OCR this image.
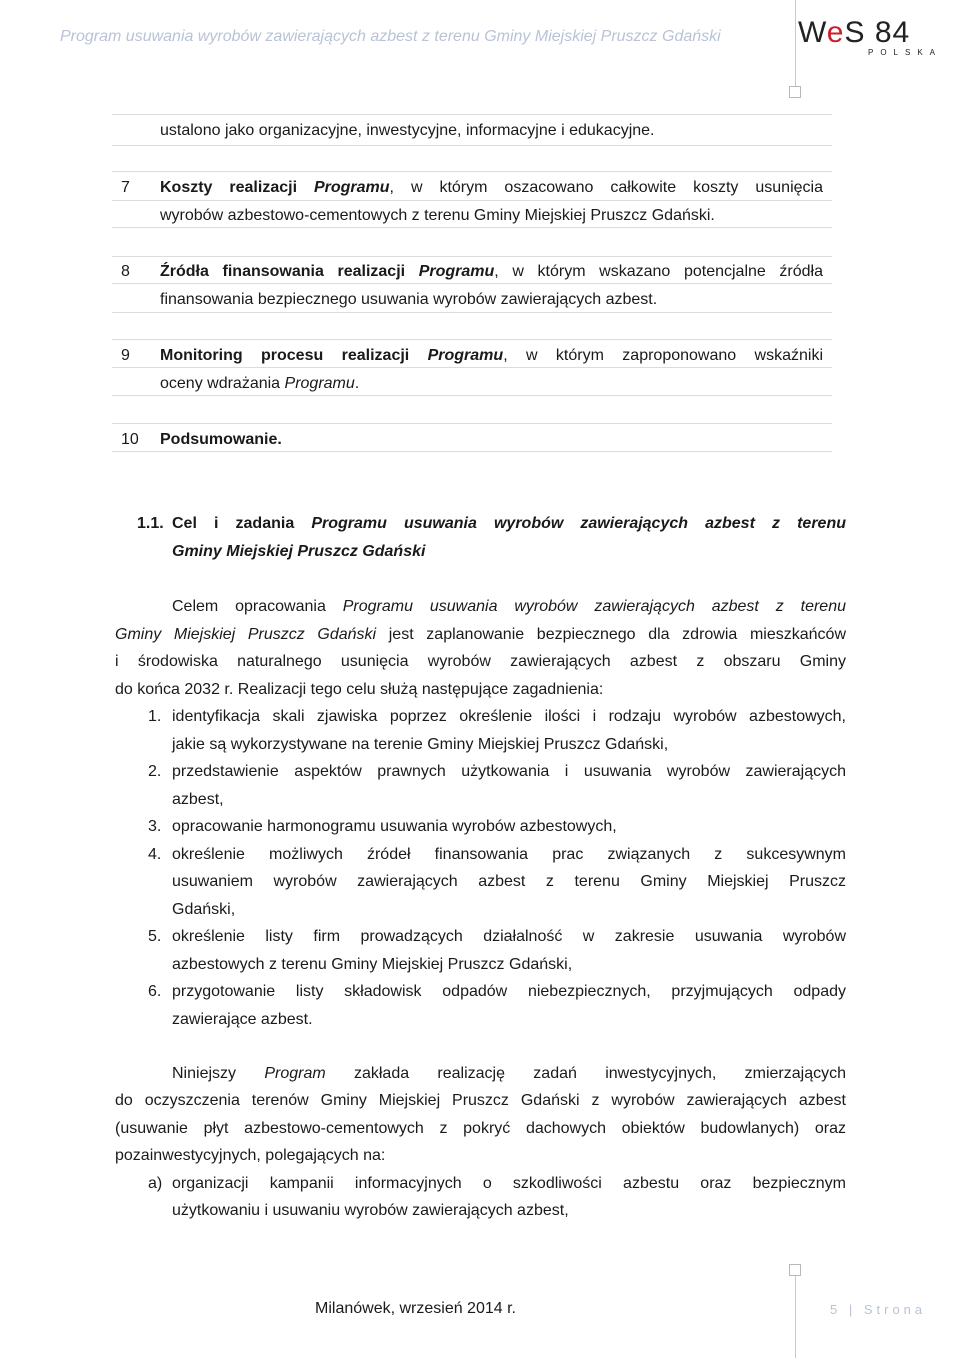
Program usuwania wyrobów zawierających azbest z terenu Gminy Miejskiej Pruszcz Gdański	WeS 84
POLSKA
ustalono jako organizacyjne, inwestycyjne, informacyjne i edukacyjne.
7 Koszty realizacji Programu, w którym oszacowano całkowite koszty usunięcia
wyrobów azbestowo-cementowych z terenu Gminy Miejskiej Pruszcz Gdański.
8 Źródła finansowania realizacji Programu, w którym wskazano potencjalne źródła
finansowania bezpiecznego usuwania wyrobów zawierających azbest.
9 Monitoring procesu realizacji Programu, w którym zaproponowano wskaźniki
oceny wdrażania Programu.
10 Podsumowanie.
1.1. Cel i zadania Programu usuwania wyrobów zawierających azbest z terenu
Gminy Miejskiej Pruszcz Gdański
Celem opracowania Programu usuwania wyrobów zawierających azbest z terenu
Gminy Miejskiej Pruszcz Gdański jest zaplanowanie bezpiecznego dla zdrowia mieszkańców
i środowiska naturalnego usunięcia wyrobów zawierających azbest z obszaru Gminy
do końca 2032 r. Realizacji tego celu służą następujące zagadnienia:
1. identyfikacja skali zjawiska poprzez określenie ilości i rodzaju wyrobów azbestowych,
jakie są wykorzystywane na terenie Gminy Miejskiej Pruszcz Gdański,
2. przedstawienie aspektów prawnych użytkowania i usuwania wyrobów zawierających
azbest,
3. opracowanie harmonogramu usuwania wyrobów azbestowych,
4. określenie możliwych źródeł finansowania prac związanych z sukcesywnym
usuwaniem wyrobów zawierających azbest z terenu Gminy Miejskiej Pruszcz
Gdański,
5. określenie listy firm prowadzących działalność w zakresie usuwania wyrobów
azbestowych z terenu Gminy Miejskiej Pruszcz Gdański,
6. przygotowanie listy składowisk odpadów niebezpiecznych, przyjmujących odpady
zawierające azbest.
Niniejszy Program zakłada realizację zadań inwestycyjnych, zmierzających
do oczyszczenia terenów Gminy Miejskiej Pruszcz Gdański z wyrobów zawierających azbest
(usuwanie płyt azbestowo-cementowych z pokryć dachowych obiektów budowlanych) oraz
pozainwestycyjnych, polegających na:
a) organizacji kampanii informacyjnych o szkodliwości azbestu oraz bezpiecznym
użytkowaniu i usuwaniu wyrobów zawierających azbest,
Milanówek, wrzesień 2014 r.	5 | Strona
